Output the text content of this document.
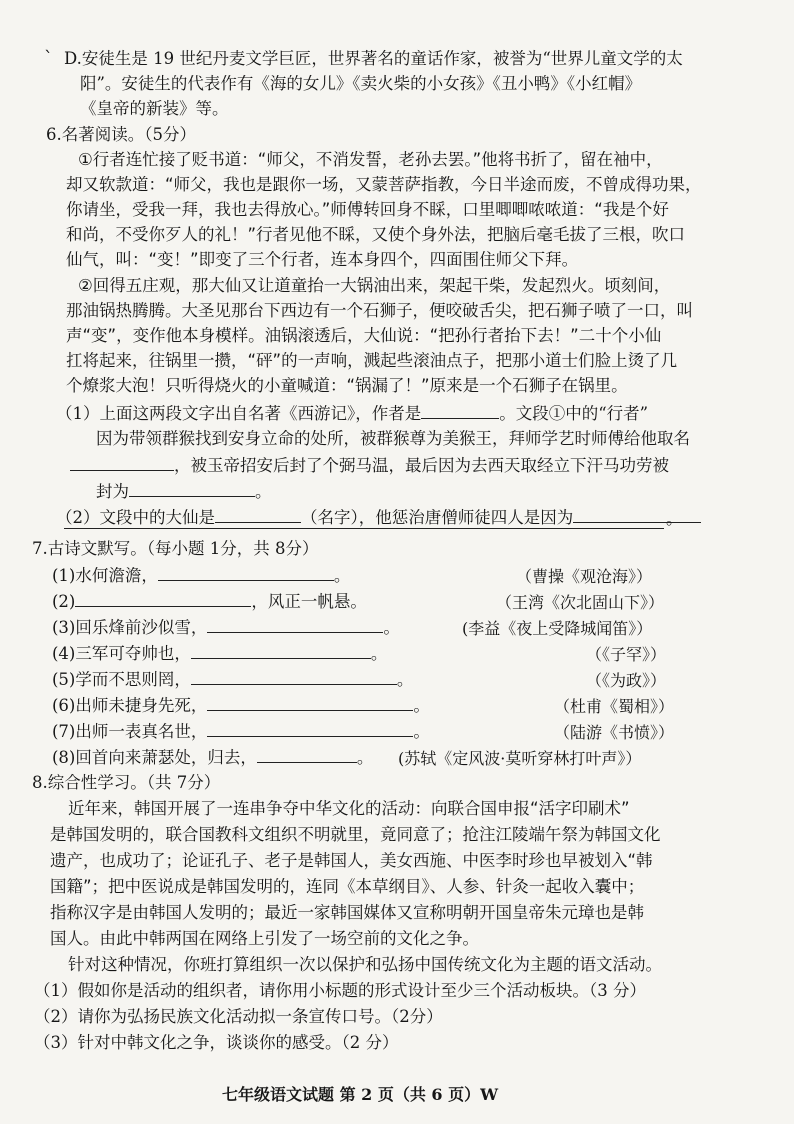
` D.安徒生是 19 世纪丹麦文学巨匠，世界著名的童话作家，被誉为“世界儿童文学的太
阳”。安徒生的代表作有《海的女儿》《卖火柴的小女孩》《丑小鸭》《小红帽》
《皇帝的新装》等。
6.名著阅读。（5分）
①行者连忙接了贬书道：“师父，不消发誓，老孙去罢。”他将书折了，留在袖中，
却又软款道：“师父，我也是跟你一场，又蒙菩萨指教，今日半途而废，不曾成得功果，
你请坐，受我一拜，我也去得放心。”师傅转回身不睬，口里唧唧哝哝道：“我是个好
和尚，不受你歹人的礼！”行者见他不睬，又使个身外法，把脑后毫毛拔了三根，吹口
仙气，叫：“变！”即变了三个行者，连本身四个，四面围住师父下拜。
②回得五庄观，那大仙又让道童抬一大锅油出来，架起干柴，发起烈火。顷刻间，
那油锅热腾腾。大圣见那台下西边有一个石狮子，便咬破舌尖，把石狮子喷了一口，叫
声“变”，变作他本身模样。油锅滚透后，大仙说：“把孙行者抬下去！”二十个小仙
扛将起来，往锅里一攒，“砰”的一声响，溅起些滚油点子，把那小道士们脸上烫了几
个燎浆大泡！只听得烧火的小童喊道：“锅漏了！”原来是一个石狮子在锅里。
（1）上面这两段文字出自名著《西游记》，作者是	。文段①中的“行者”
因为带领群猴找到安身立命的处所，被群猴尊为美猴王，拜师学艺时师傅给他取名
，被玉帝招安后封了个弼马温，最后因为去西天取经立下汗马功劳被
封为	。
（2）文段中的大仙是	（名字），他惩治唐僧师徒四人是因为	。
7.古诗文默写。（每小题 1分，共 8分）
(1)水何澹澹，	。	（曹操《观沧海》）
(2)	，风正一帆悬。	（王湾《次北固山下》）
(3)回乐烽前沙似雪，	。	(李益《夜上受降城闻笛》）
(4)三军可夺帅也，	。	（《子罕》）
(5)学而不思则罔，	。	（《为政》）
(6)出师未捷身先死，	。	（杜甫《蜀相》）
(7)出师一表真名世，	。	（陆游《书愤》）
(8)回首向来萧瑟处，归去，	。 (苏轼《定风波·莫听穿林打叶声》）
8.综合性学习。（共 7分）
近年来，韩国开展了一连串争夺中华文化的活动：向联合国申报“活字印刷术”
是韩国发明的，联合国教科文组织不明就里，竟同意了；抢注江陵端午祭为韩国文化
遗产，也成功了；论证孔子、老子是韩国人，美女西施、中医李时珍也早被划入“韩
国籍”；把中医说成是韩国发明的，连同《本草纲目》、人参、针灸一起收入囊中；
指称汉字是由韩国人发明的；最近一家韩国媒体又宣称明朝开国皇帝朱元璋也是韩
国人。由此中韩两国在网络上引发了一场空前的文化之争。
针对这种情况，你班打算组织一次以保护和弘扬中国传统文化为主题的语文活动。
（1）假如你是活动的组织者，请你用小标题的形式设计至少三个活动板块。（3 分）
（2）请你为弘扬民族文化活动拟一条宣传口号。（2分）
（3）针对中韩文化之争，谈谈你的感受。（2 分）
七年级语文试题 第 2 页（共 6 页）W
